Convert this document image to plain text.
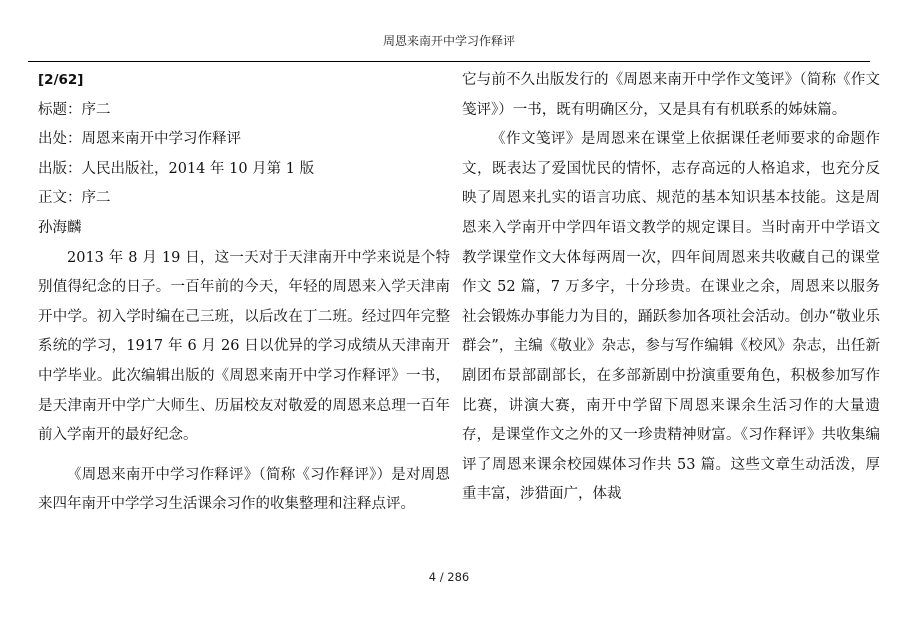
周恩来南开中学习作释评
[2/62]
标题：序二
出处：周恩来南开中学习作释评
出版：人民出版社，2014 年 10 月第 1 版
正文：序二
孙海麟

2013 年 8 月 19 日，这一天对于天津南开中学来说是个特别值得纪念的日子。一百年前的今天，年轻的周恩来入学天津南开中学。初入学时编在己三班，以后改在丁二班。经过四年完整系统的学习，1917 年 6 月 26 日以优异的学习成绩从天津南开中学毕业。此次编辑出版的《周恩来南开中学习作释评》一书，是天津南开中学广大师生、历届校友对敬爱的周恩来总理一百年前入学南开的最好纪念。

《周恩来南开中学习作释评》（简称《习作释评》）是对周恩来四年南开中学学习生活课余习作的收集整理和注释点评。

它与前不久出版发行的《周恩来南开中学作文笺评》（简称《作文笺评》）一书，既有明确区分，又是具有有机联系的姊妹篇。

《作文笺评》是周恩来在课堂上依据课任老师要求的命题作文，既表达了爱国忧民的情怀，志存高远的人格追求，也充分反映了周恩来扎实的语言功底、规范的基本知识基本技能。这是周恩来入学南开中学四年语文教学的规定课目。当时南开中学语文教学课堂作文大体每两周一次，四年间周恩来共收藏自己的课堂作文 52 篇，7 万多字，十分珍贵。在课业之余，周恩来以服务社会锻炼办事能力为目的，踊跃参加各项社会活动。创办“敬业乐群会”，主编《敬业》杂志，参与写作编辑《校风》杂志，出任新剧团布景部副部长，在多部新剧中扮演重要角色，积极参加写作比赛，讲演大赛，南开中学留下周恩来课余生活习作的大量遗存，是课堂作文之外的又一珍贵精神财富。《习作释评》共收集编评了周恩来课余校园媒体习作共 53 篇。这些文章生动活泼，厚重丰富，涉猎面广，体裁

4 / 286
